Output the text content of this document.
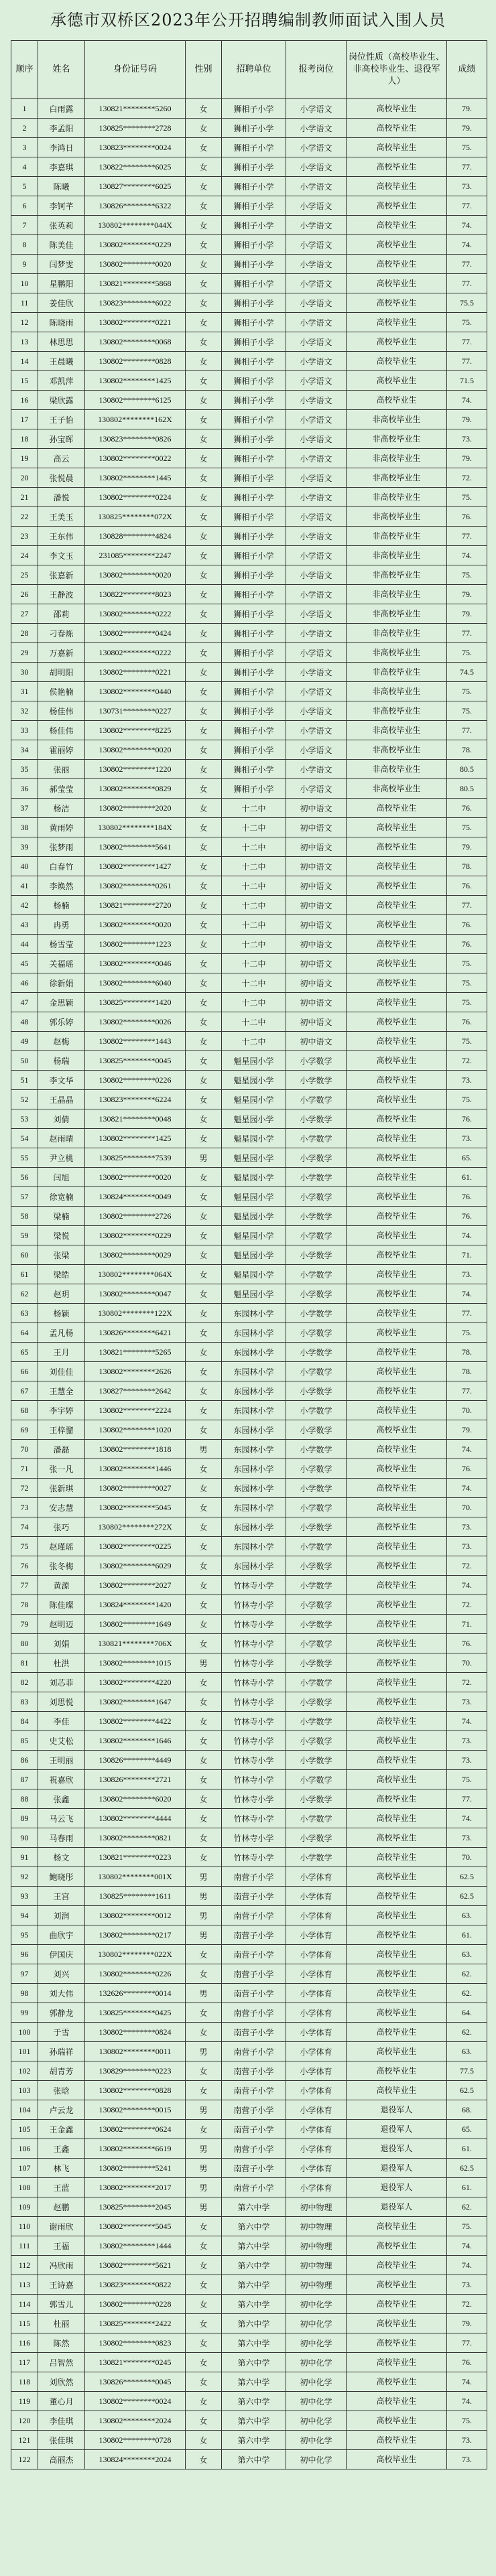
承德市双桥区2023年公开招聘编制教师面试入围人员
顺序	姓名	身份证号码	性别	招聘单位	报考岗位	岗位性质（高校毕业生、非高校毕业生、退役军人）	成绩
1	白雨露	130821********5260	女	狮相子小学	小学语文	高校毕业生	79.
2	李孟阳	130825********2728	女	狮相子小学	小学语文	高校毕业生	79.
3	李鸿日	130823********0024	女	狮相子小学	小学语文	高校毕业生	75.
4	李嘉琪	130822********6025	女	狮相子小学	小学语文	高校毕业生	77.
5	陈曦	130827********6025	女	狮相子小学	小学语文	高校毕业生	73.
6	李钶芊	130826********6322	女	狮相子小学	小学语文	高校毕业生	77.
7	张英莉	130802********044X	女	狮相子小学	小学语文	高校毕业生	74.
8	陈美佳	130802********0229	女	狮相子小学	小学语文	高校毕业生	74.
9	闫梦雯	130802********0020	女	狮相子小学	小学语文	高校毕业生	77.
10	星鹏阳	130821********5868	女	狮相子小学	小学语文	高校毕业生	77.
11	姜佳欣	130823********6022	女	狮相子小学	小学语文	高校毕业生	75.5
12	陈晓雨	130802********0221	女	狮相子小学	小学语文	高校毕业生	75.
13	林思思	130802********0068	女	狮相子小学	小学语文	高校毕业生	77.
14	王晨曦	130802********0828	女	狮相子小学	小学语文	高校毕业生	77.
15	邓凯萍	130802********1425	女	狮相子小学	小学语文	高校毕业生	71.5
16	梁欣露	130802********6125	女	狮相子小学	小学语文	高校毕业生	74.
17	王子怡	130802********162X	女	狮相子小学	小学语文	非高校毕业生	79.
18	孙宝晖	130823********0826	女	狮相子小学	小学语文	非高校毕业生	73.
19	高云	130802********0022	女	狮相子小学	小学语文	非高校毕业生	79.
20	张悦晨	130802********1445	女	狮相子小学	小学语文	非高校毕业生	72.
21	潘悦	130802********0224	女	狮相子小学	小学语文	非高校毕业生	75.
22	王美玉	130825********072X	女	狮相子小学	小学语文	非高校毕业生	76.
23	王东伟	130828********4824	女	狮相子小学	小学语文	非高校毕业生	77.
24	李文玉	231085********2247	女	狮相子小学	小学语文	非高校毕业生	74.
25	张嘉新	130802********0020	女	狮相子小学	小学语文	非高校毕业生	75.
26	王静波	130822********8023	女	狮相子小学	小学语文	非高校毕业生	79.
27	邵莉	130802********0222	女	狮相子小学	小学语文	非高校毕业生	79.
28	刁春烁	130802********0424	女	狮相子小学	小学语文	非高校毕业生	77.
29	万嘉新	130802********0222	女	狮相子小学	小学语文	非高校毕业生	75.
30	胡明阳	130802********0221	女	狮相子小学	小学语文	非高校毕业生	74.5
31	侯艳楠	130802********0440	女	狮相子小学	小学语文	非高校毕业生	75.
32	杨佳伟	130731********0227	女	狮相子小学	小学语文	非高校毕业生	75.
33	杨佳伟	130802********8225	女	狮相子小学	小学语文	非高校毕业生	77.
34	霍丽婷	130802********0020	女	狮相子小学	小学语文	非高校毕业生	78.
35	张丽	130802********1220	女	狮相子小学	小学语文	非高校毕业生	80.5
36	郝莹莹	130802********0829	女	狮相子小学	小学语文	非高校毕业生	80.5
37	杨洁	130802********2020	女	十二中	初中语文	高校毕业生	76.
38	黄雨婷	130802********184X	女	十二中	初中语文	高校毕业生	75.
39	张梦雨	130802********5641	女	十二中	初中语文	高校毕业生	79.
40	白春竹	130802********1427	女	十二中	初中语文	高校毕业生	78.
41	李焕然	130802********0261	女	十二中	初中语文	高校毕业生	76.
42	杨楠	130821********2720	女	十二中	初中语文	高校毕业生	77.
43	冉勇	130802********0020	女	十二中	初中语文	高校毕业生	76.
44	杨雪莹	130802********1223	女	十二中	初中语文	高校毕业生	76.
45	关福瑶	130802********0046	女	十二中	初中语文	高校毕业生	75.
46	徐新娟	130802********6040	女	十二中	初中语文	高校毕业生	75.
47	金思颖	130825********1420	女	十二中	初中语文	高校毕业生	75.
48	郭乐婷	130802********0026	女	十二中	初中语文	高校毕业生	76.
49	赵梅	130802********1443	女	十二中	初中语文	高校毕业生	75.
50	杨瑞	130825********0045	女	魁星园小学	小学数学	高校毕业生	72.
51	李文华	130802********0226	女	魁星园小学	小学数学	高校毕业生	73.
52	王晶晶	130823********6224	女	魁星园小学	小学数学	高校毕业生	75.
53	刘倩	130821********0048	女	魁星园小学	小学数学	高校毕业生	76.
54	赵雨晴	130802********1425	女	魁星园小学	小学数学	高校毕业生	73.
55	尹立桃	130825********7539	男	魁星园小学	小学数学	高校毕业生	65.
56	闫旭	130802********0020	女	魁星园小学	小学数学	高校毕业生	61.
57	徐宽楠	130824********0049	女	魁星园小学	小学数学	高校毕业生	76.
58	梁楠	130802********2726	女	魁星园小学	小学数学	高校毕业生	76.
59	梁悦	130802********0229	女	魁星园小学	小学数学	高校毕业生	74.
60	张梁	130802********0029	女	魁星园小学	小学数学	高校毕业生	71.
61	梁皓	130802********064X	女	魁星园小学	小学数学	高校毕业生	73.
62	赵玥	130802********0047	女	魁星园小学	小学数学	高校毕业生	74.
63	杨颖	130802********122X	女	东园林小学	小学数学	高校毕业生	77.
64	孟凡杨	130826********6421	女	东园林小学	小学数学	高校毕业生	75.
65	王月	130821********5265	女	东园林小学	小学数学	高校毕业生	78.
66	刘佳佳	130802********2626	女	东园林小学	小学数学	高校毕业生	78.
67	王慧全	130827********2642	女	东园林小学	小学数学	高校毕业生	77.
68	李宇婷	130802********2224	女	东园林小学	小学数学	高校毕业生	70.
69	王梓骝	130802********1020	女	东园林小学	小学数学	高校毕业生	79.
70	潘磊	130802********1818	男	东园林小学	小学数学	高校毕业生	74.
71	张一凡	130802********1446	女	东园林小学	小学数学	高校毕业生	76.
72	张新琪	130802********0027	女	东园林小学	小学数学	高校毕业生	74.
73	安志慧	130802********5045	女	东园林小学	小学数学	高校毕业生	70.
74	张巧	130802********272X	女	东园林小学	小学数学	高校毕业生	73.
75	赵瑾瑶	130802********0225	女	东园林小学	小学数学	高校毕业生	73.
76	张冬梅	130802********6029	女	东园林小学	小学数学	高校毕业生	72.
77	黄源	130802********2027	女	竹林寺小学	小学数学	高校毕业生	74.
78	陈佳璨	130824********1420	女	竹林寺小学	小学数学	高校毕业生	72.
79	赵明迈	130802********1649	女	竹林寺小学	小学数学	高校毕业生	71.
80	刘娟	130821********706X	女	竹林寺小学	小学数学	高校毕业生	76.
81	杜洪	130802********1015	男	竹林寺小学	小学数学	高校毕业生	70.
82	刘芯菲	130802********4220	女	竹林寺小学	小学数学	高校毕业生	72.
83	刘思悦	130802********1647	女	竹林寺小学	小学数学	高校毕业生	73.
84	李佳	130802********4422	女	竹林寺小学	小学数学	高校毕业生	74.
85	史艾松	130802********1646	女	竹林寺小学	小学数学	高校毕业生	73.
86	王明丽	130826********4449	女	竹林寺小学	小学数学	高校毕业生	73.
87	祝嘉欣	130826********2721	女	竹林寺小学	小学数学	高校毕业生	75.
88	张鑫	130802********6020	女	竹林寺小学	小学数学	高校毕业生	77.
89	马云飞	130802********4444	女	竹林寺小学	小学数学	高校毕业生	74.
90	马春雨	130802********0821	女	竹林寺小学	小学数学	高校毕业生	73.
91	杨文	130821********0223	女	竹林寺小学	小学数学	高校毕业生	70.
92	鲍晓彤	130802********001X	男	南营子小学	小学体育	高校毕业生	62.5
93	王宫	130825********1611	男	南营子小学	小学体育	高校毕业生	62.5
94	刘润	130802********0012	男	南营子小学	小学体育	高校毕业生	63.
95	曲欣宇	130802********0217	男	南营子小学	小学体育	高校毕业生	61.
96	伊国庆	130802********022X	女	南营子小学	小学体育	高校毕业生	63.
97	刘兴	130802********0226	女	南营子小学	小学体育	高校毕业生	62.
98	刘大伟	132626********0014	男	南营子小学	小学体育	高校毕业生	62.
99	郭静龙	130825********0425	女	南营子小学	小学体育	高校毕业生	64.
100	于雪	130802********0824	女	南营子小学	小学体育	高校毕业生	62.
101	孙瑞祥	130802********0011	男	南营子小学	小学体育	高校毕业生	63.
102	胡青芳	130829********0223	女	南营子小学	小学体育	高校毕业生	77.5
103	张晗	130802********0828	女	南营子小学	小学体育	高校毕业生	62.5
104	卢云龙	130802********0015	男	南营子小学	小学体育	退役军人	68.
105	王金鑫	130802********0624	女	南营子小学	小学体育	退役军人	65.
106	王鑫	130802********6619	男	南营子小学	小学体育	退役军人	61.
107	林飞	130802********5241	男	南营子小学	小学体育	退役军人	62.5
108	王蓝	130802********2017	男	南营子小学	小学体育	退役军人	61.
109	赵鹏	130825********2045	男	第六中学	初中物理	退役军人	62.
110	谢雨欣	130802********5045	女	第六中学	初中物理	高校毕业生	75.
111	王福	130802********1444	女	第六中学	初中物理	高校毕业生	74.
112	冯欣雨	130802********5621	女	第六中学	初中物理	高校毕业生	74.
113	王诗嘉	130823********0822	女	第六中学	初中物理	高校毕业生	73.
114	郭雪儿	130802********0228	女	第六中学	初中化学	高校毕业生	72.
115	杜丽	130825********2422	女	第六中学	初中化学	高校毕业生	79.
116	陈然	130802********0823	女	第六中学	初中化学	高校毕业生	77.
117	吕智然	130821********0245	女	第六中学	初中化学	高校毕业生	76.
118	刘欣然	130826********0045	女	第六中学	初中化学	高校毕业生	74.
119	董心月	130802********0024	女	第六中学	初中化学	高校毕业生	74.
120	李佳琪	130802********2024	女	第六中学	初中化学	高校毕业生	75.
121	张佳琪	130802********0728	女	第六中学	初中化学	高校毕业生	73.
122	高丽杰	130824********2024	女	第六中学	初中化学	高校毕业生	73.
